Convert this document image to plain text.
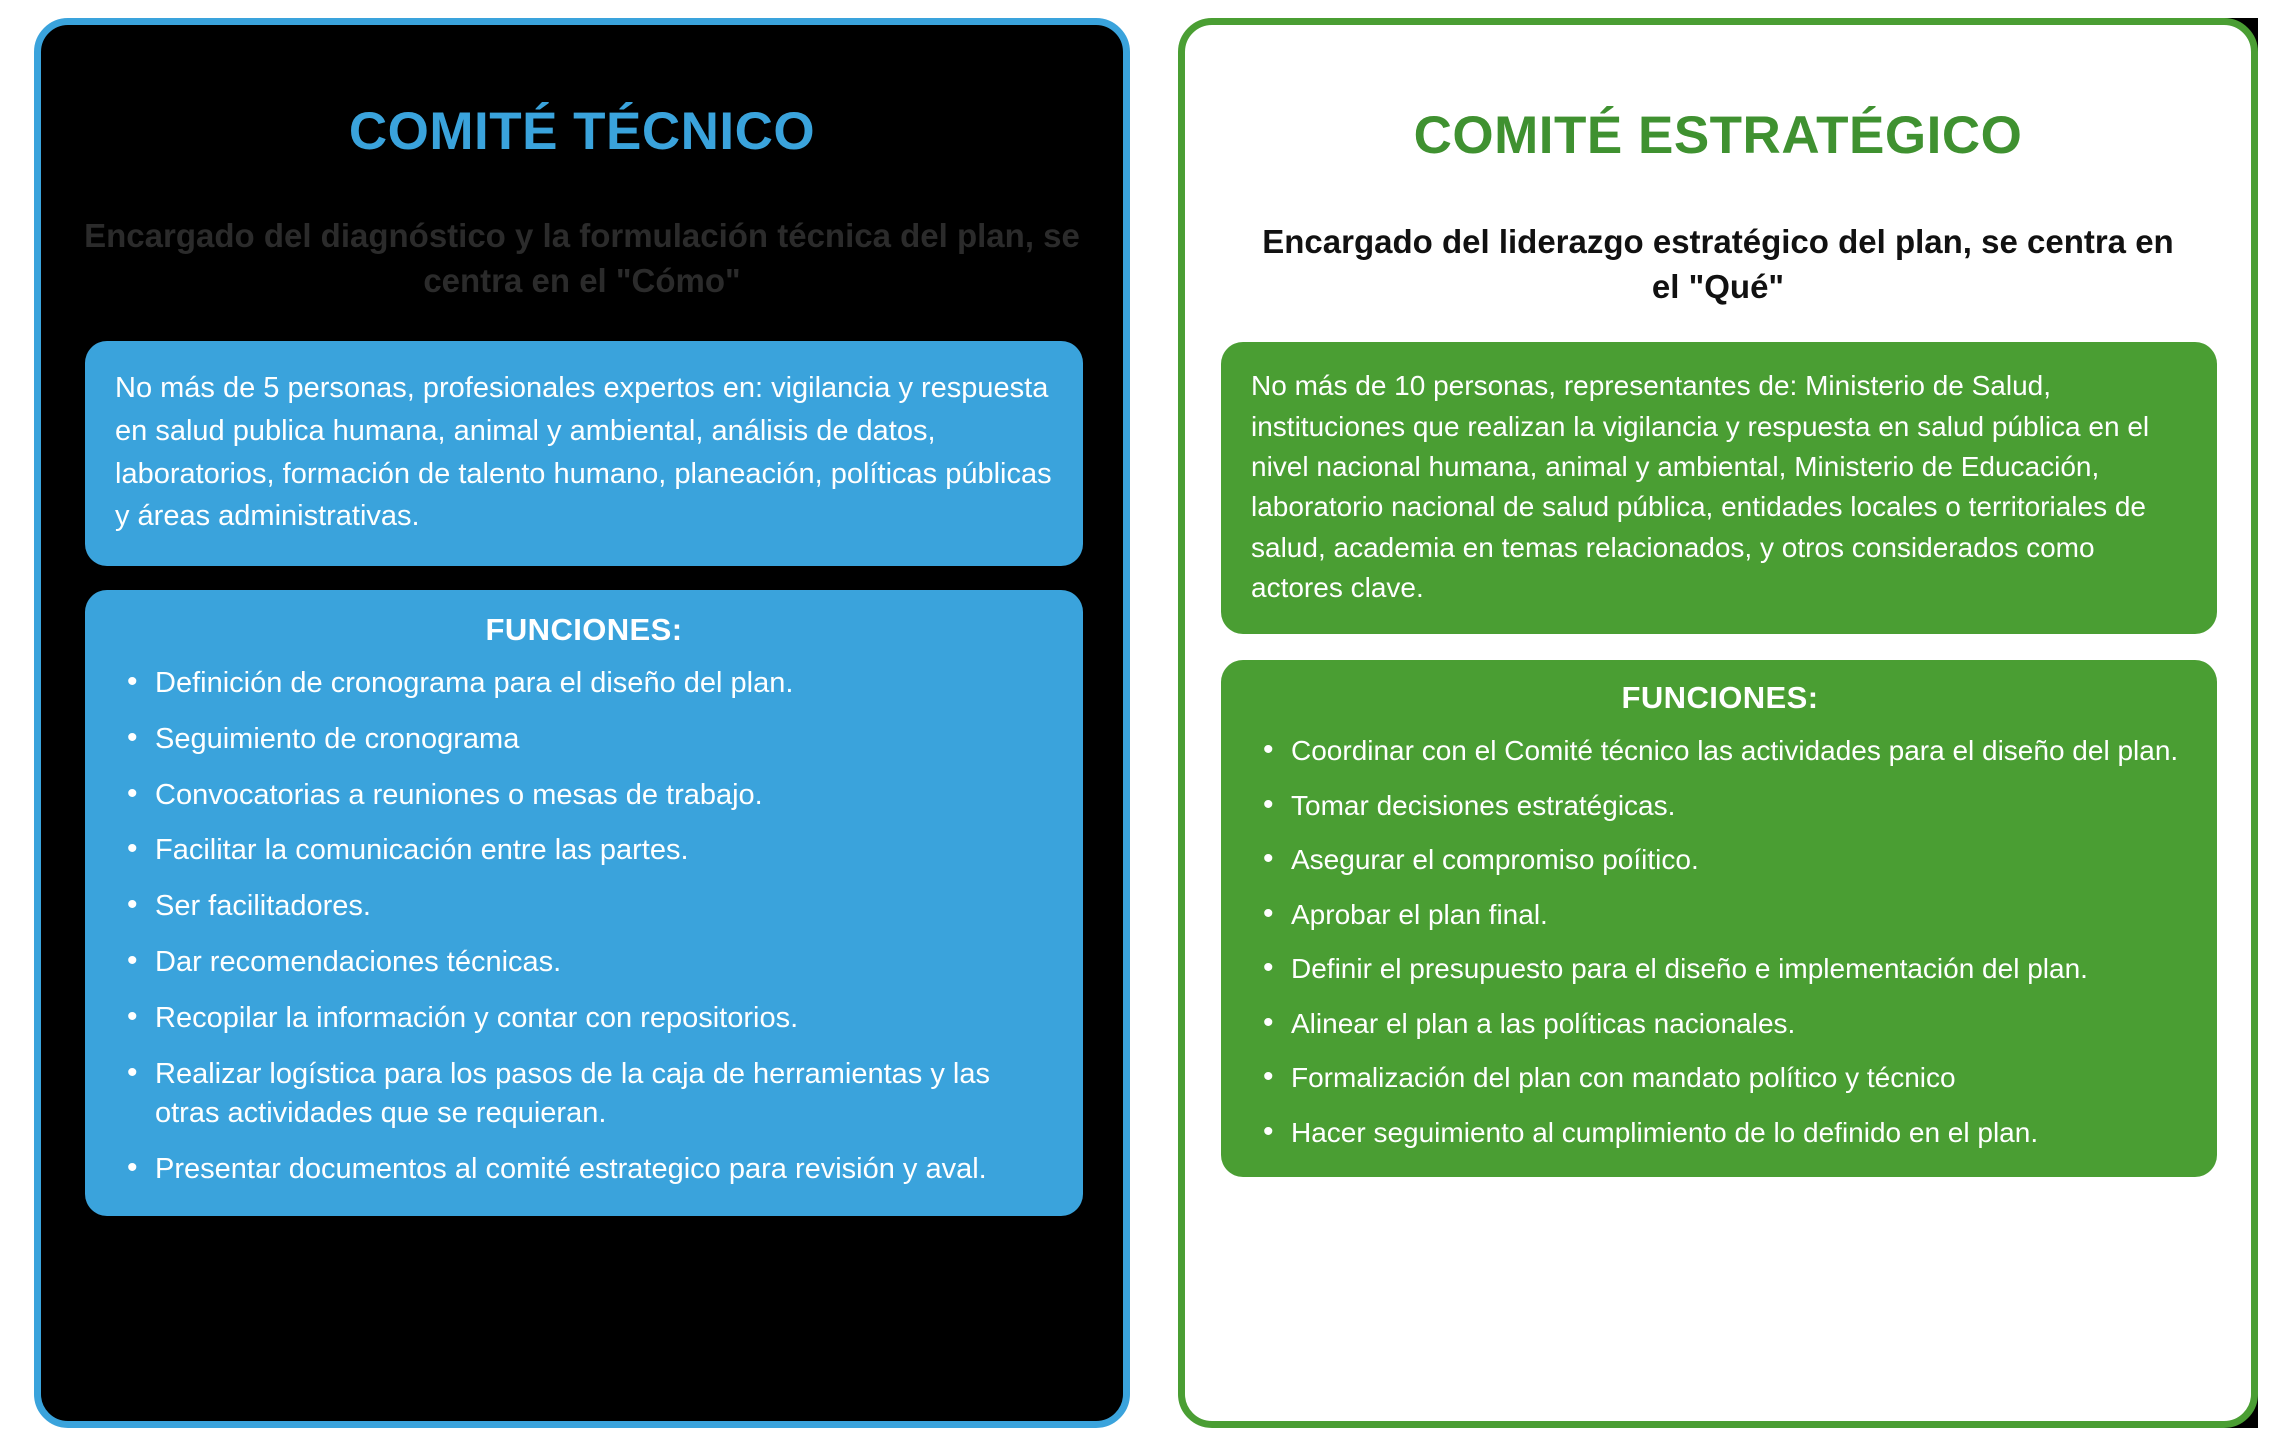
COMITÉ TÉCNICO

Encargado del diagnóstico y la formulación técnica del plan, se centra en el "Cómo"

No más de 5 personas, profesionales expertos en: vigilancia y respuesta en salud publica humana, animal y ambiental, análisis de datos, laboratorios, formación de talento humano, planeación, políticas públicas y áreas administrativas.
FUNCIONES:
• Definición de cronograma para el diseño del plan.
• Seguimiento de cronograma
• Convocatorias a reuniones o mesas de trabajo.
• Facilitar la comunicación entre las partes.
• Ser facilitadores.
• Dar recomendaciones técnicas.
• Recopilar la información y contar con repositorios.
• Realizar logística para los pasos de la caja de herramientas y las otras actividades que se requieran.
• Presentar documentos al comité estrategico para revisión y aval.
COMITÉ ESTRATÉGICO

Encargado del liderazgo estratégico del plan, se centra en el "Qué"

No más de 10 personas, representantes de: Ministerio de Salud, instituciones que realizan la vigilancia y respuesta en salud pública en el nivel nacional humana, animal y ambiental, Ministerio de Educación, laboratorio nacional de salud pública, entidades locales o territoriales de salud, academia en temas relacionados, y otros considerados como actores clave.
FUNCIONES:
• Coordinar con el Comité técnico las actividades para el diseño del plan.
• Tomar decisiones estratégicas.
• Asegurar el compromiso poíitico.
• Aprobar el plan final.
• Definir el presupuesto para el diseño e implementación del plan.
• Alinear el plan a las políticas nacionales.
• Formalización del plan con mandato político y técnico
• Hacer seguimiento al cumplimiento de lo definido en el plan.
